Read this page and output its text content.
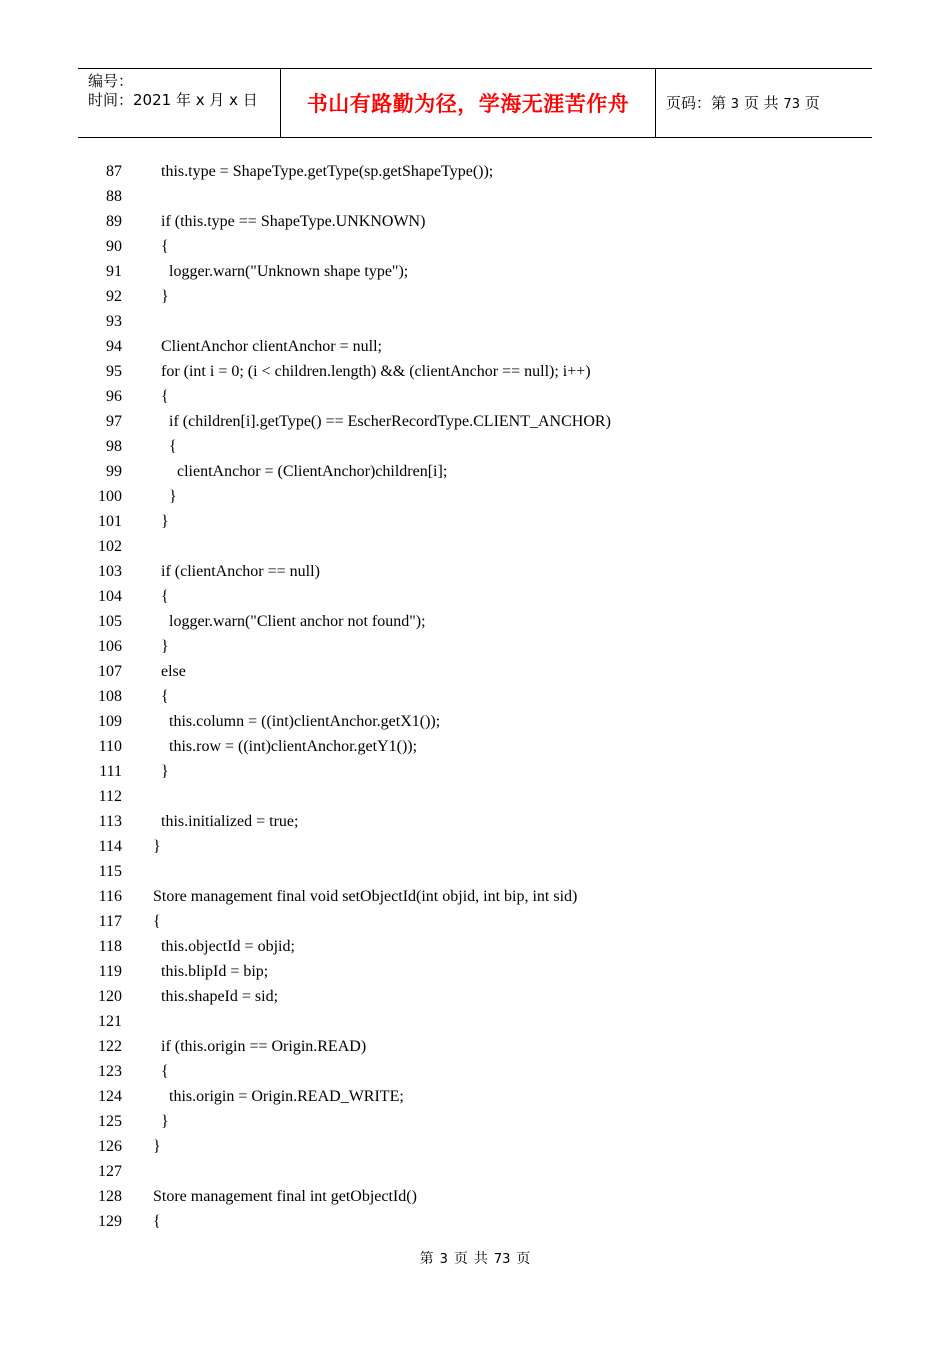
编号：
时间：2021 年 x 月 x 日	书山有路勤为径，学海无涯苦作舟	页码：第 3 页 共 73 页
87 this.type = ShapeType.getType(sp.getShapeType());
88
89 if (this.type == ShapeType.UNKNOWN)
90 {
91 logger.warn("Unknown shape type");
92 }
93
94 ClientAnchor clientAnchor = null;
95 for (int i = 0; (i < children.length) && (clientAnchor == null); i++)
96 {
97 if (children[i].getType() == EscherRecordType.CLIENT_ANCHOR)
98 {
99 clientAnchor = (ClientAnchor)children[i];
100 }
101 }
102
103 if (clientAnchor == null)
104 {
105 logger.warn("Client anchor not found");
106 }
107 else
108 {
109 this.column = ((int)clientAnchor.getX1());
110 this.row = ((int)clientAnchor.getY1());
111 }
112
113 this.initialized = true;
114 }
115
116 Store management final void setObjectId(int objid, int bip, int sid)
117 {
118 this.objectId = objid;
119 this.blipId = bip;
120 this.shapeId = sid;
121
122 if (this.origin == Origin.READ)
123 {
124 this.origin = Origin.READ_WRITE;
125 }
126 }
127
128 Store management final int getObjectId()
129 {
第 3 页 共 73 页
